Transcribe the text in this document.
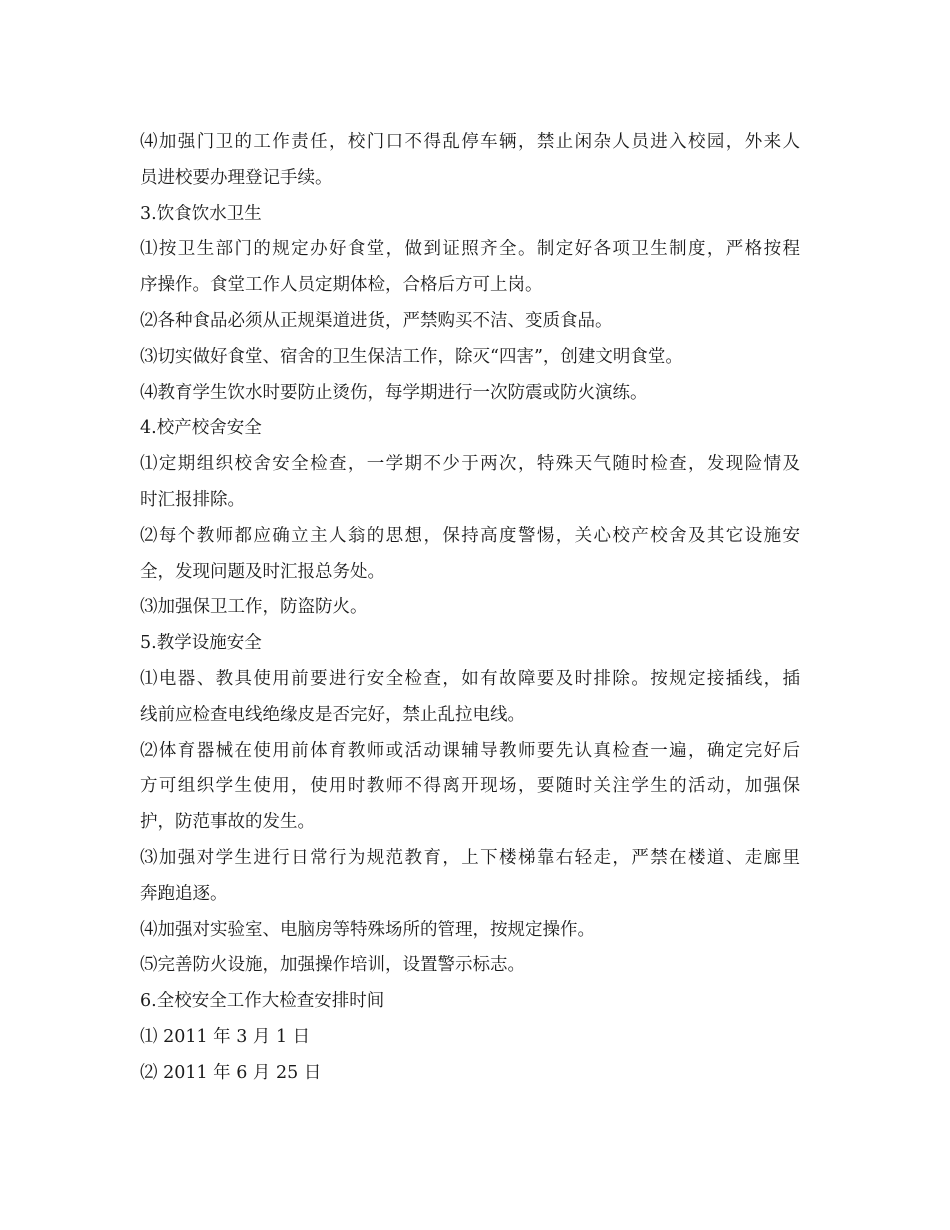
⑷加强门卫的工作责任，校门口不得乱停车辆，禁止闲杂人员进入校园，外来人
员进校要办理登记手续。
3.饮食饮水卫生
⑴按卫生部门的规定办好食堂，做到证照齐全。制定好各项卫生制度，严格按程
序操作。食堂工作人员定期体检，合格后方可上岗。
⑵各种食品必须从正规渠道进货，严禁购买不洁、变质食品。
⑶切实做好食堂、宿舍的卫生保洁工作，除灭“四害”，创建文明食堂。
⑷教育学生饮水时要防止烫伤，每学期进行一次防震或防火演练。
4.校产校舍安全
⑴定期组织校舍安全检查，一学期不少于两次，特殊天气随时检查，发现险情及
时汇报排除。
⑵每个教师都应确立主人翁的思想，保持高度警惕，关心校产校舍及其它设施安
全，发现问题及时汇报总务处。
⑶加强保卫工作，防盗防火。
5.教学设施安全
⑴电器、教具使用前要进行安全检查，如有故障要及时排除。按规定接插线，插
线前应检查电线绝缘皮是否完好，禁止乱拉电线。
⑵体育器械在使用前体育教师或活动课辅导教师要先认真检查一遍，确定完好后
方可组织学生使用，使用时教师不得离开现场，要随时关注学生的活动，加强保
护，防范事故的发生。
⑶加强对学生进行日常行为规范教育，上下楼梯靠右轻走，严禁在楼道、走廊里
奔跑追逐。
⑷加强对实验室、电脑房等特殊场所的管理，按规定操作。
⑸完善防火设施，加强操作培训，设置警示标志。
6.全校安全工作大检查安排时间
⑴ 2011 年 3 月 1 日
⑵ 2011 年 6 月 25 日
